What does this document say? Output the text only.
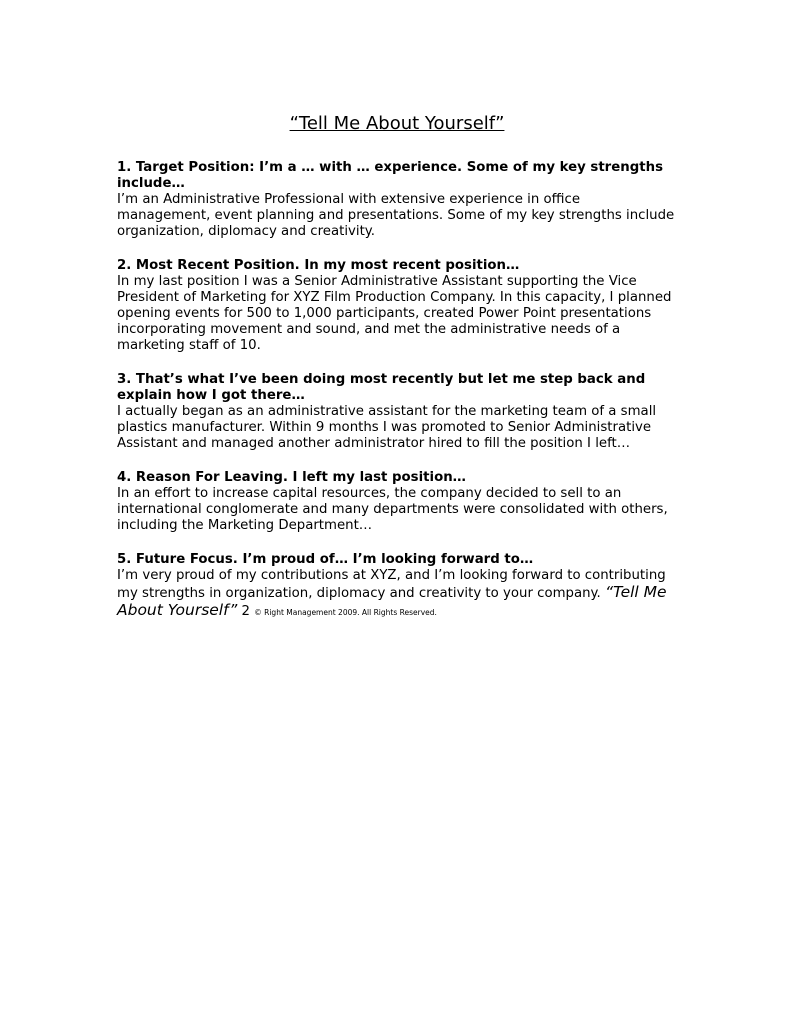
“Tell Me About Yourself”

1. Target Position: I’m a … with … experience. Some of my key strengths include…

I’m an Administrative Professional with extensive experience in office management, event planning and presentations. Some of my key strengths include organization, diplomacy and creativity.

2. Most Recent Position. In my most recent position…

In my last position I was a Senior Administrative Assistant supporting the Vice President of Marketing for XYZ Film Production Company. In this capacity, I planned opening events for 500 to 1,000 participants, created Power Point presentations incorporating movement and sound, and met the administrative needs of a marketing staff of 10.

3. That’s what I’ve been doing most recently but let me step back and explain how I got there…

I actually began as an administrative assistant for the marketing team of a small plastics manufacturer. Within 9 months I was promoted to Senior Administrative Assistant and managed another administrator hired to fill the position I left…

4. Reason For Leaving. I left my last position…

In an effort to increase capital resources, the company decided to sell to an international conglomerate and many departments were consolidated with others, including the Marketing Department…

5. Future Focus. I’m proud of… I’m looking forward to…

I’m very proud of my contributions at XYZ, and I’m looking forward to contributing my strengths in organization, diplomacy and creativity to your company. “Tell Me About Yourself” 2 © Right Management 2009. All Rights Reserved.
